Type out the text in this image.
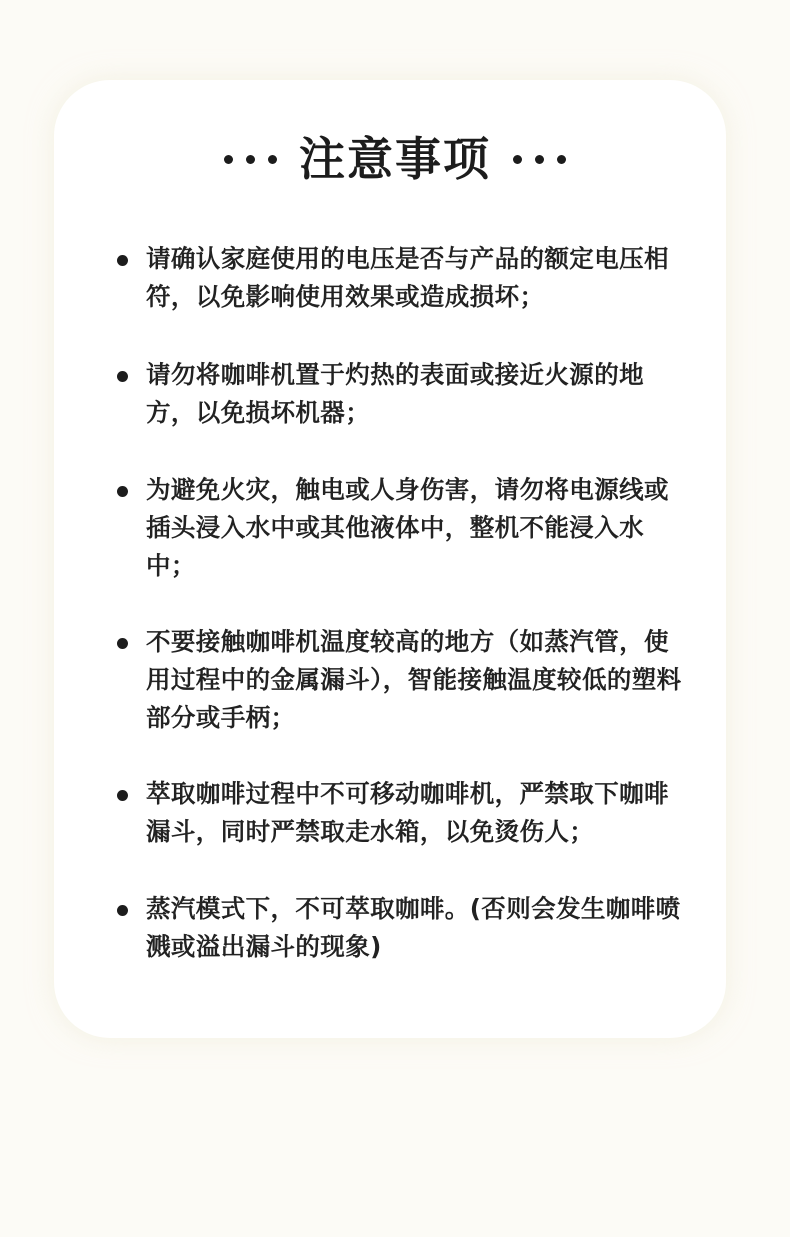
注意事项
请确认家庭使用的电压是否与产品的额定电压相符，以免影响使用效果或造成损坏；
请勿将咖啡机置于灼热的表面或接近火源的地方，以免损坏机器；
为避免火灾，触电或人身伤害，请勿将电源线或插头浸入水中或其他液体中，整机不能浸入水中；
不要接触咖啡机温度较高的地方（如蒸汽管，使用过程中的金属漏斗），智能接触温度较低的塑料部分或手柄；
萃取咖啡过程中不可移动咖啡机，严禁取下咖啡漏斗，同时严禁取走水箱，以免烫伤人；
蒸汽模式下，不可萃取咖啡。(否则会发生咖啡喷溅或溢出漏斗的现象)
